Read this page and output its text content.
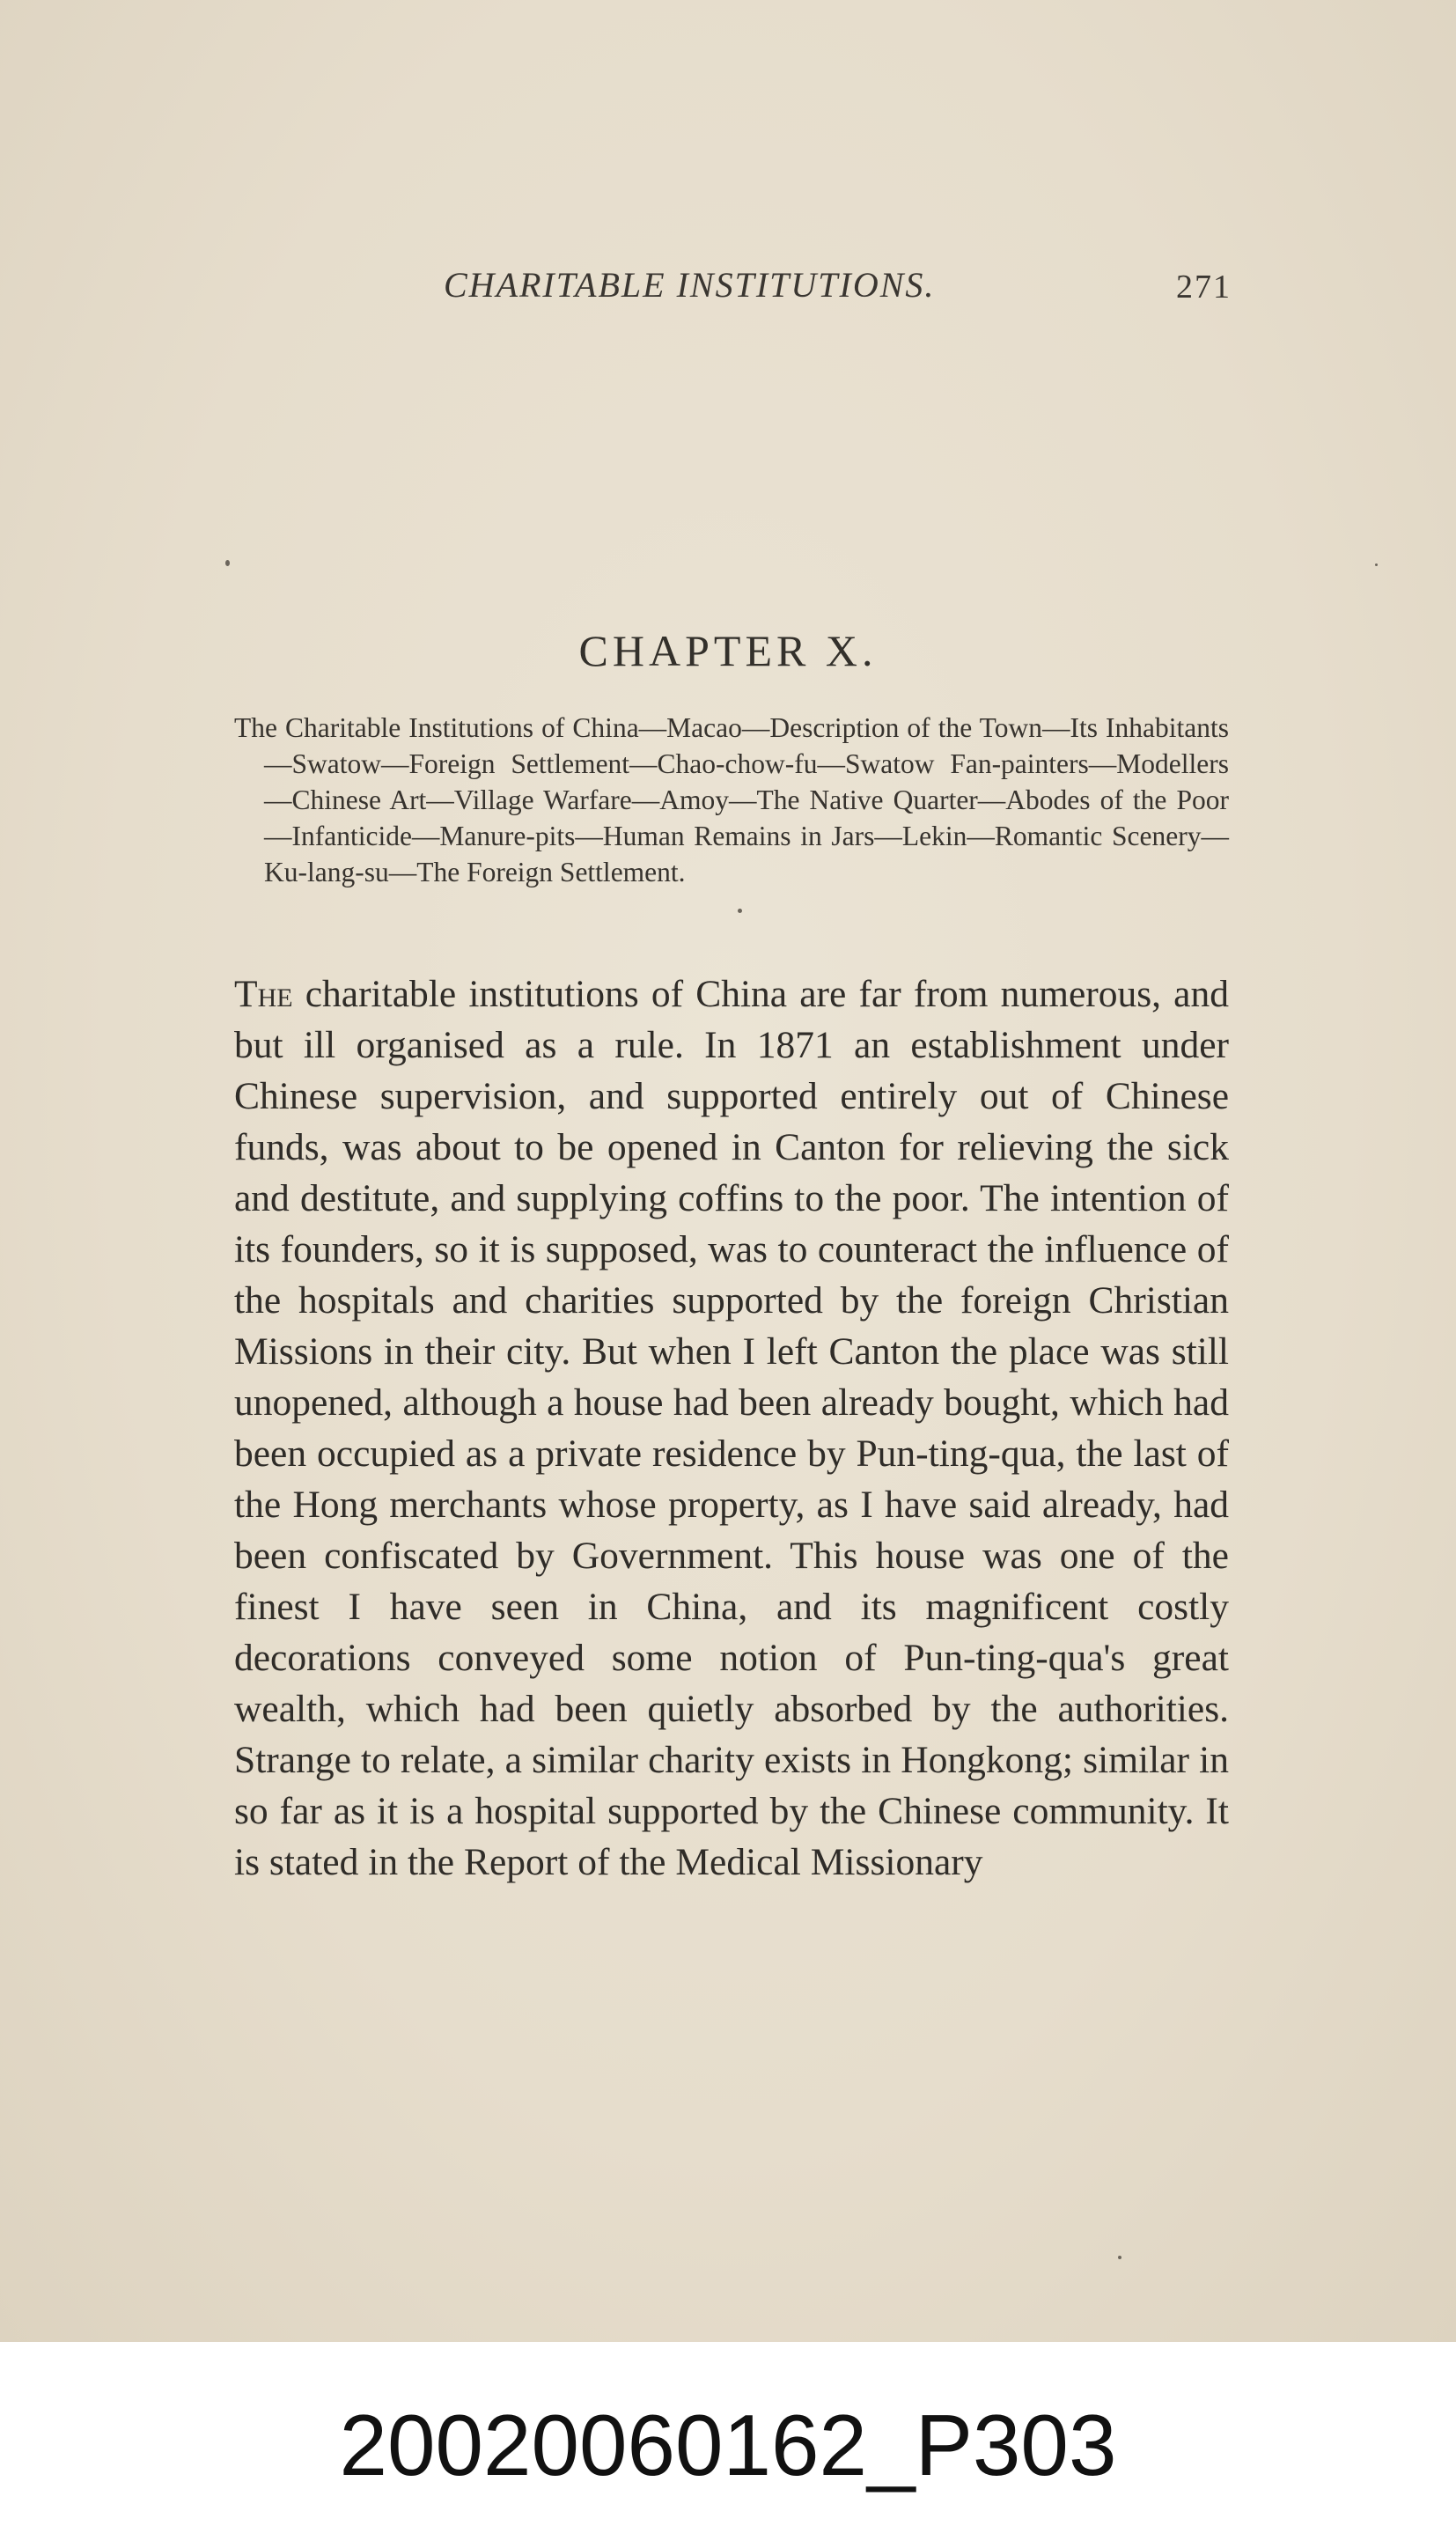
CHARITABLE INSTITUTIONS.	271
CHAPTER X.

The Charitable Institutions of China—Macao—Description of the Town—Its Inhabitants—Swatow—Foreign Settlement—Chao-chow-fu—Swatow Fan-painters—Modellers—Chinese Art—Village Warfare—Amoy—The Native Quarter—Abodes of the Poor—Infanticide—Manure-pits—Human Remains in Jars—Lekin—Romantic Scenery—Ku-lang-su—The Foreign Settlement.

The charitable institutions of China are far from numerous, and but ill organised as a rule. In 1871 an establishment under Chinese supervision, and supported entirely out of Chinese funds, was about to be opened in Canton for relieving the sick and destitute, and supplying coffins to the poor. The intention of its founders, so it is supposed, was to counteract the influence of the hospitals and charities supported by the foreign Christian Missions in their city. But when I left Canton the place was still unopened, although a house had been already bought, which had been occupied as a private residence by Pun-ting-qua, the last of the Hong merchants whose property, as I have said already, had been confiscated by Government. This house was one of the finest I have seen in China, and its magnificent costly decorations conveyed some notion of Pun-ting-qua's great wealth, which had been quietly absorbed by the authorities. Strange to relate, a similar charity exists in Hongkong; similar in so far as it is a hospital supported by the Chinese community. It is stated in the Report of the Medical Missionary

20020060162_P303
